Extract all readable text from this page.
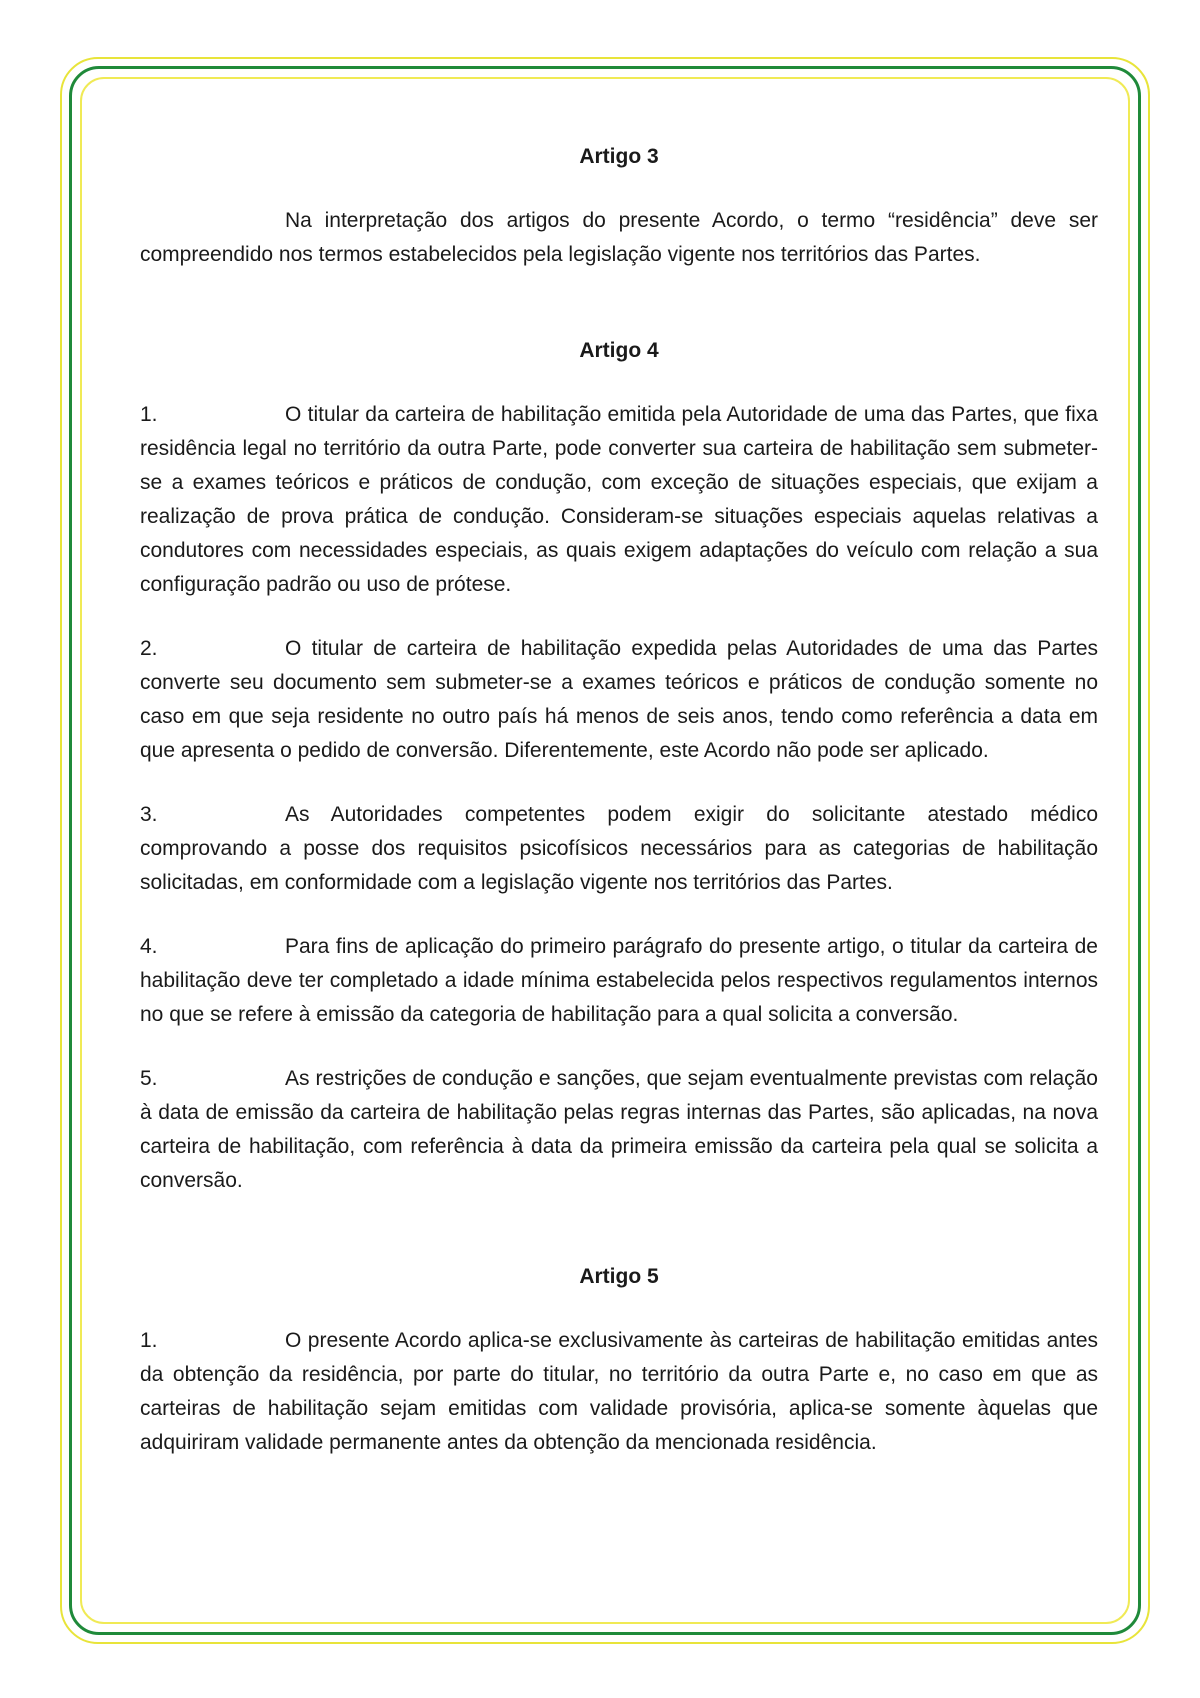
Artigo 3

Na interpretação dos artigos do presente Acordo, o termo “residência” deve ser compreendido nos termos estabelecidos pela legislação vigente nos territórios das Partes.

Artigo 4

1.	O titular da carteira de habilitação emitida pela Autoridade de uma das Partes, que fixa residência legal no território da outra Parte, pode converter sua carteira de habilitação sem submeter-se a exames teóricos e práticos de condução, com exceção de situações especiais, que exijam a realização de prova prática de condução. Consideram-se situações especiais aquelas relativas a condutores com necessidades especiais, as quais exigem adaptações do veículo com relação a sua configuração padrão ou uso de prótese.

2.	O titular de carteira de habilitação expedida pelas Autoridades de uma das Partes converte seu documento sem submeter-se a exames teóricos e práticos de condução somente no caso em que seja residente no outro país há menos de seis anos, tendo como referência a data em que apresenta o pedido de conversão. Diferentemente, este Acordo não pode ser aplicado.

3.	As Autoridades competentes podem exigir do solicitante atestado médico comprovando a posse dos requisitos psicofísicos necessários para as categorias de habilitação solicitadas, em conformidade com a legislação vigente nos territórios das Partes.

4.	Para fins de aplicação do primeiro parágrafo do presente artigo, o titular da carteira de habilitação deve ter completado a idade mínima estabelecida pelos respectivos regulamentos internos no que se refere à emissão da categoria de habilitação para a qual solicita a conversão.

5.	As restrições de condução e sanções, que sejam eventualmente previstas com relação à data de emissão da carteira de habilitação pelas regras internas das Partes, são aplicadas, na nova carteira de habilitação, com referência à data da primeira emissão da carteira pela qual se solicita a conversão.

Artigo 5

1.	O presente Acordo aplica-se exclusivamente às carteiras de habilitação emitidas antes da obtenção da residência, por parte do titular, no território da outra Parte e, no caso em que as carteiras de habilitação sejam emitidas com validade provisória, aplica-se somente àquelas que adquiriram validade permanente antes da obtenção da mencionada residência.
